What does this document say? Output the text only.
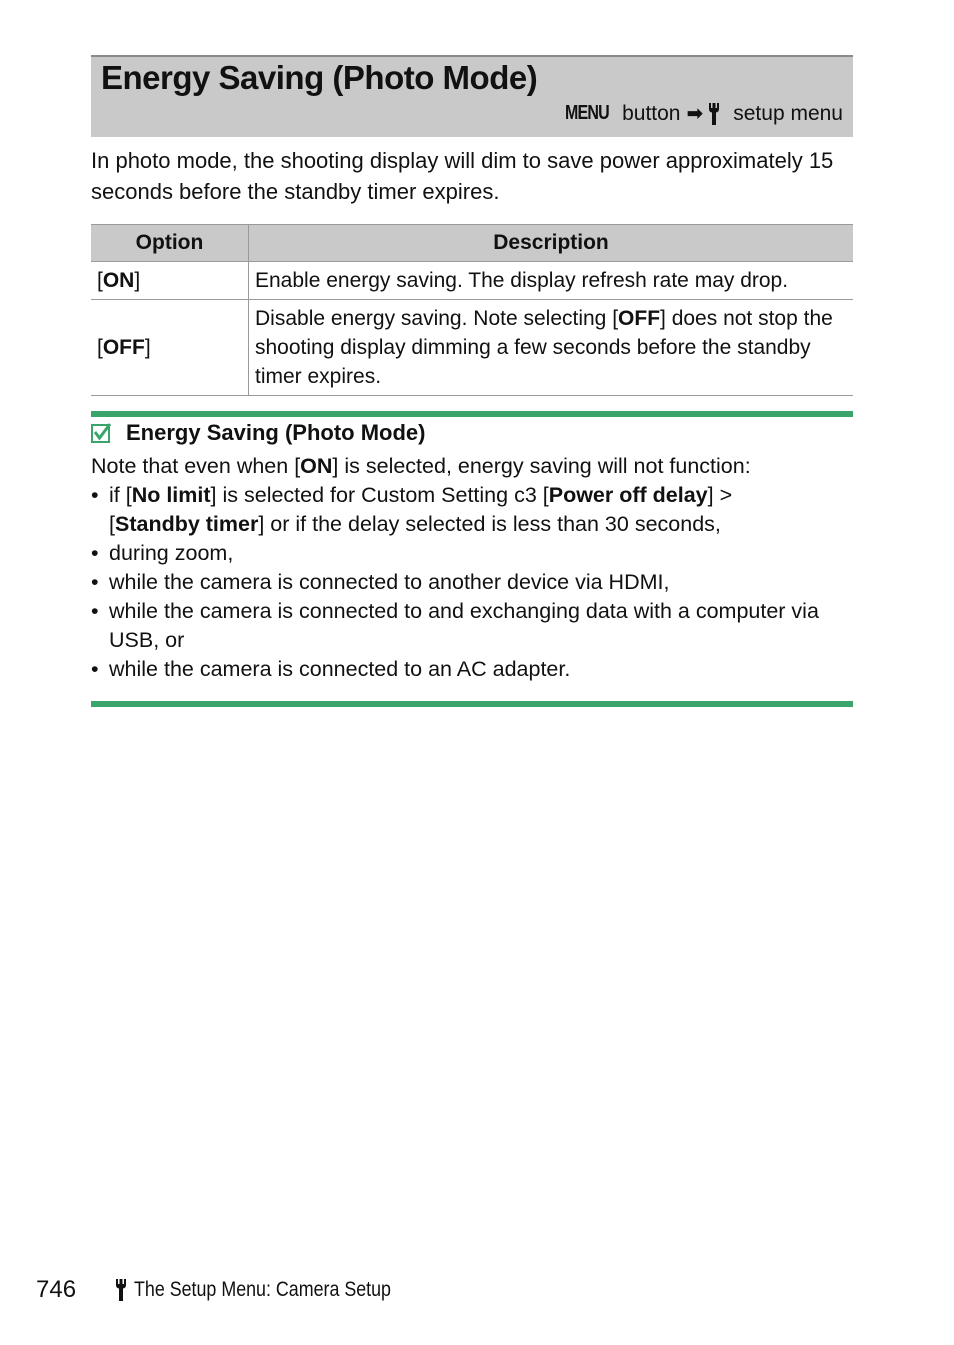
Energy Saving (Photo Mode)
MENU button ➡ setup menu
In photo mode, the shooting display will dim to save power approximately 15 seconds before the standby timer expires.
Option	Description
[ON]	Enable energy saving. The display refresh rate may drop.
[OFF]	Disable energy saving. Note selecting [OFF] does not stop the shooting display dimming a few seconds before the standby timer expires.
Energy Saving (Photo Mode)
Note that even when [ON] is selected, energy saving will not function:
• if [No limit] is selected for Custom Setting c3 [Power off delay] >
[Standby timer] or if the delay selected is less than 30 seconds,
• during zoom,
• while the camera is connected to another device via HDMI,
• while the camera is connected to and exchanging data with a computer via USB, or
• while the camera is connected to an AC adapter.
746	The Setup Menu: Camera Setup
